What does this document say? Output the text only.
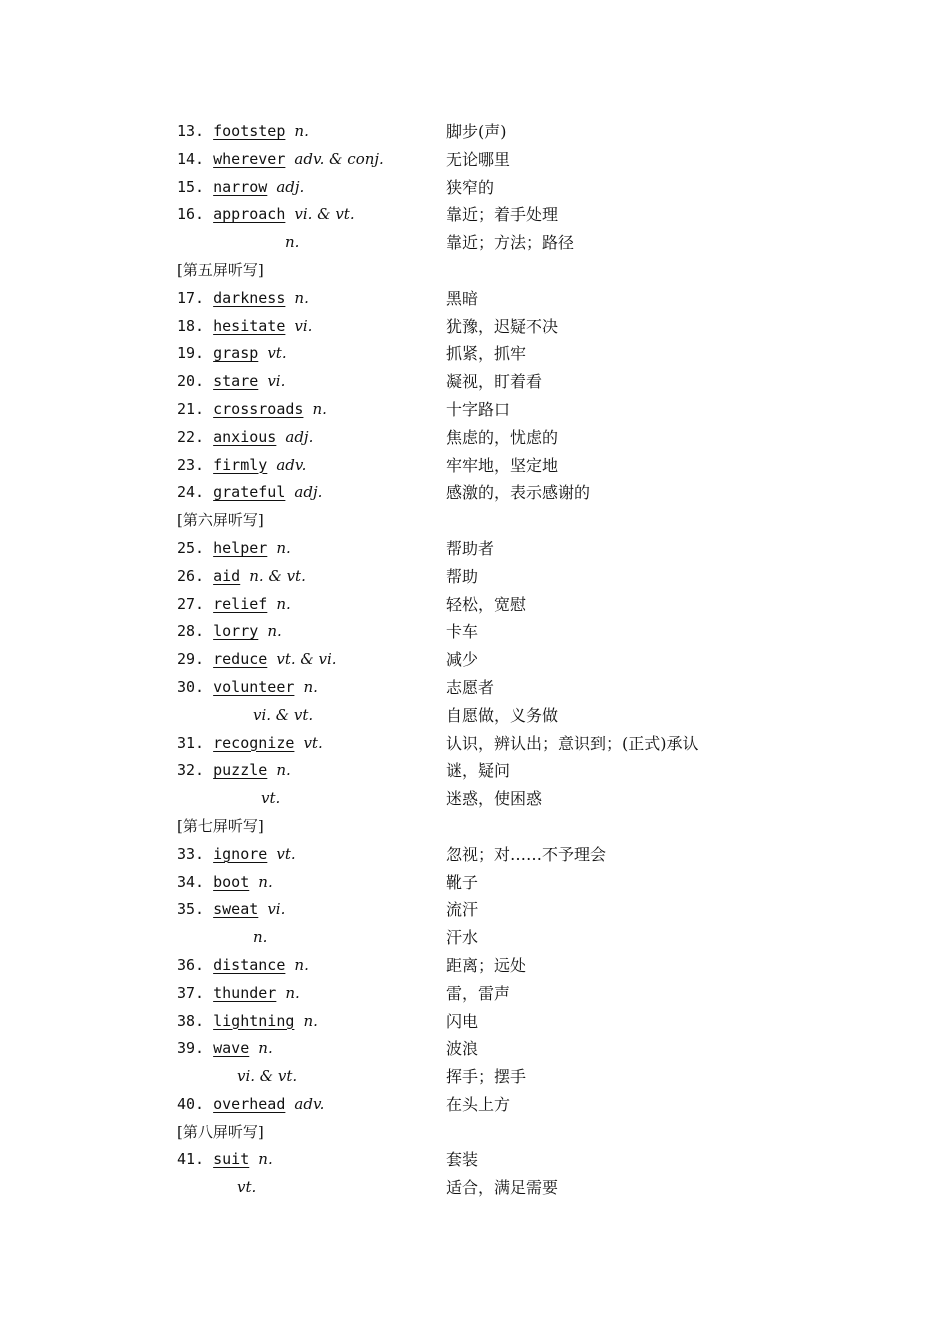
13. footstep n.	脚步(声)
14. wherever adv. & conj.	无论哪里
15. narrow adj.	狭窄的
16. approach vi. & vt.	靠近；着手处理
n.	靠近；方法；路径
[第五屏听写]
17. darkness n.	黑暗
18. hesitate vi.	犹豫，迟疑不决
19. grasp vt.	抓紧，抓牢
20. stare vi.	凝视，盯着看
21. crossroads n.	十字路口
22. anxious adj.	焦虑的，忧虑的
23. firmly adv.	牢牢地，坚定地
24. grateful adj.	感激的，表示感谢的
[第六屏听写]
25. helper n.	帮助者
26. aid n. & vt.	帮助
27. relief n.	轻松，宽慰
28. lorry n.	卡车
29. reduce vt. & vi.	减少
30. volunteer n.	志愿者
vi. & vt.	自愿做，义务做
31. recognize vt.	认识，辨认出；意识到；(正式)承认
32. puzzle n.	谜，疑问
vt.	迷惑，使困惑
[第七屏听写]
33. ignore vt.	忽视；对……不予理会
34. boot n.	靴子
35. sweat vi.	流汗
n.	汗水
36. distance n.	距离；远处
37. thunder n.	雷，雷声
38. lightning n.	闪电
39. wave n.	波浪
vi. & vt.	挥手；摆手
40. overhead adv.	在头上方
[第八屏听写]
41. suit n.	套装
vt.	适合，满足需要
